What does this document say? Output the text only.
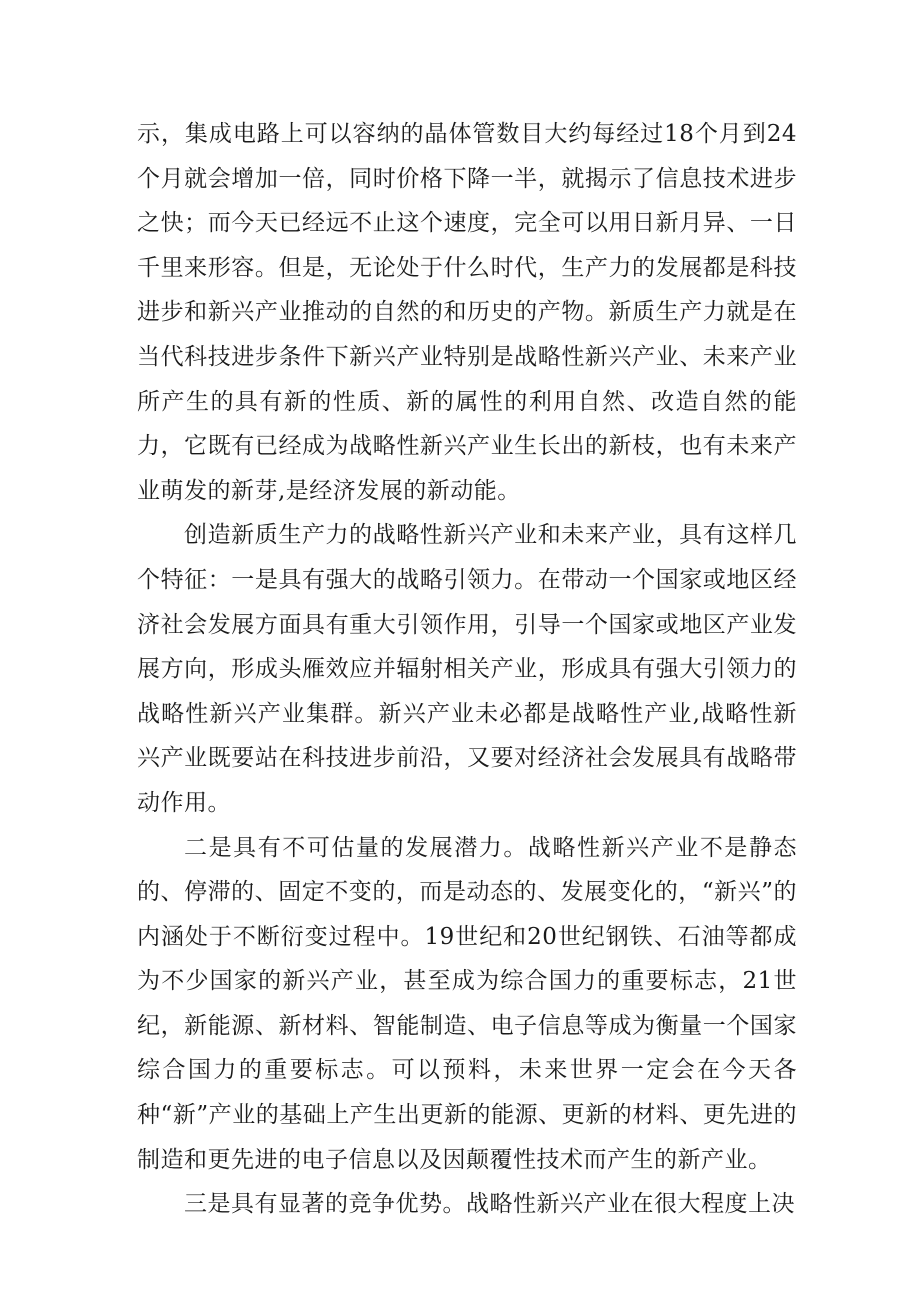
示，集成电路上可以容纳的晶体管数目大约每经过18个月到24个月就会增加一倍，同时价格下降一半，就揭示了信息技术进步之快；而今天已经远不止这个速度，完全可以用日新月异、一日千里来形容。但是，无论处于什么时代，生产力的发展都是科技进步和新兴产业推动的自然的和历史的产物。新质生产力就是在当代科技进步条件下新兴产业特别是战略性新兴产业、未来产业所产生的具有新的性质、新的属性的利用自然、改造自然的能力，它既有已经成为战略性新兴产业生长出的新枝，也有未来产业萌发的新芽,是经济发展的新动能。

创造新质生产力的战略性新兴产业和未来产业，具有这样几个特征：一是具有强大的战略引领力。在带动一个国家或地区经济社会发展方面具有重大引领作用，引导一个国家或地区产业发展方向，形成头雁效应并辐射相关产业，形成具有强大引领力的战略性新兴产业集群。新兴产业未必都是战略性产业,战略性新兴产业既要站在科技进步前沿，又要对经济社会发展具有战略带动作用。

二是具有不可估量的发展潜力。战略性新兴产业不是静态的、停滞的、固定不变的，而是动态的、发展变化的，“新兴”的内涵处于不断衍变过程中。19世纪和20世纪钢铁、石油等都成为不少国家的新兴产业，甚至成为综合国力的重要标志，21世纪，新能源、新材料、智能制造、电子信息等成为衡量一个国家综合国力的重要标志。可以预料，未来世界一定会在今天各种“新”产业的基础上产生出更新的能源、更新的材料、更先进的制造和更先进的电子信息以及因颠覆性技术而产生的新产业。

三是具有显著的竞争优势。战略性新兴产业在很大程度上决
